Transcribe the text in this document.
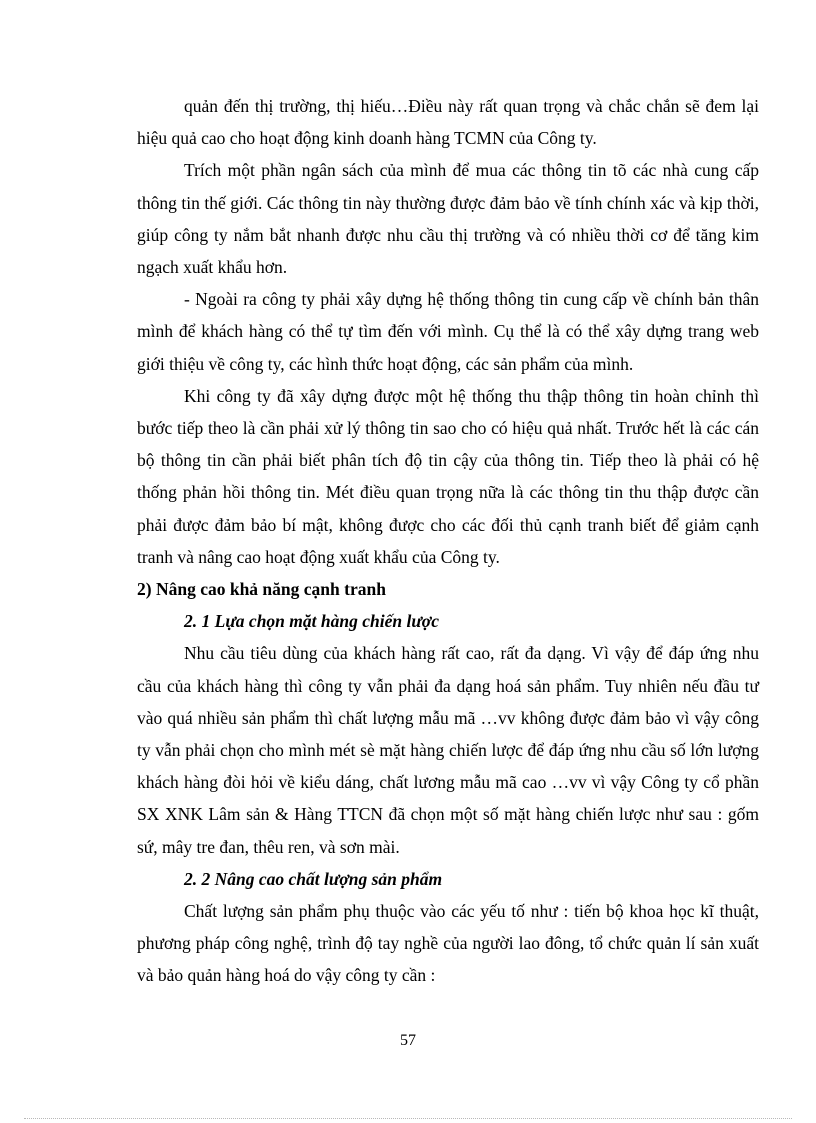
quản đến thị trường, thị hiếu…Điều này rất quan trọng và chắc chắn sẽ đem lại hiệu quả cao cho hoạt động kinh doanh hàng TCMN của Công ty.

Trích một phần ngân sách của mình để mua các thông tin tõ các nhà cung cấp thông tin thế giới. Các thông tin này thường được đảm bảo về tính chính xác và kịp thời, giúp công ty nắm bắt nhanh được nhu cầu thị trường và có nhiều thời cơ để tăng kim ngạch xuất khẩu hơn.

- Ngoài ra công ty phải xây dựng hệ thống thông tin cung cấp về chính bản thân mình để khách hàng có thể tự tìm đến với mình. Cụ thể là có thể xây dựng trang web giới thiệu về công ty, các hình thức hoạt động, các sản phẩm của mình.

Khi công ty đã xây dựng được một hệ thống thu thập thông tin hoàn chỉnh thì bước tiếp theo là cần phải xử lý thông tin sao cho có hiệu quả nhất. Trước hết là các cán bộ thông tin cần phải biết phân tích độ tin cậy của thông tin. Tiếp theo là phải có hệ thống phản hồi thông tin. Mét điều quan trọng nữa là các thông tin thu thập được cần phải được đảm bảo bí mật, không được cho các đối thủ cạnh tranh biết để giảm cạnh tranh và nâng cao hoạt động xuất khẩu của Công ty.

2) Nâng cao khả năng cạnh tranh

2. 1 Lựa chọn mặt hàng chiến lược

Nhu cầu tiêu dùng của khách hàng rất cao, rất đa dạng. Vì vậy để đáp ứng nhu cầu của khách hàng thì công ty vẫn phải đa dạng hoá sản phẩm. Tuy nhiên nếu đầu tư vào quá nhiều sản phẩm thì chất lượng mẫu mã …vv không được đảm bảo vì vậy công ty vẫn phải chọn cho mình mét sè mặt hàng chiến lược để đáp ứng nhu cầu số lớn lượng khách hàng đòi hỏi về kiểu dáng, chất lương mẫu mã cao …vv vì vậy Công ty cổ phần SX XNK Lâm sản & Hàng TTCN đã chọn một số mặt hàng chiến lược như sau : gốm sứ, mây tre đan, thêu ren, và sơn mài.

2. 2 Nâng cao chất lượng sản phẩm

Chất lượng sản phẩm phụ thuộc vào các yếu tố như : tiến bộ khoa học kĩ thuật, phương pháp công nghệ, trình độ tay nghề của người lao đông, tổ chức quản lí sản xuất và bảo quản hàng hoá do vậy công ty cần :

57
